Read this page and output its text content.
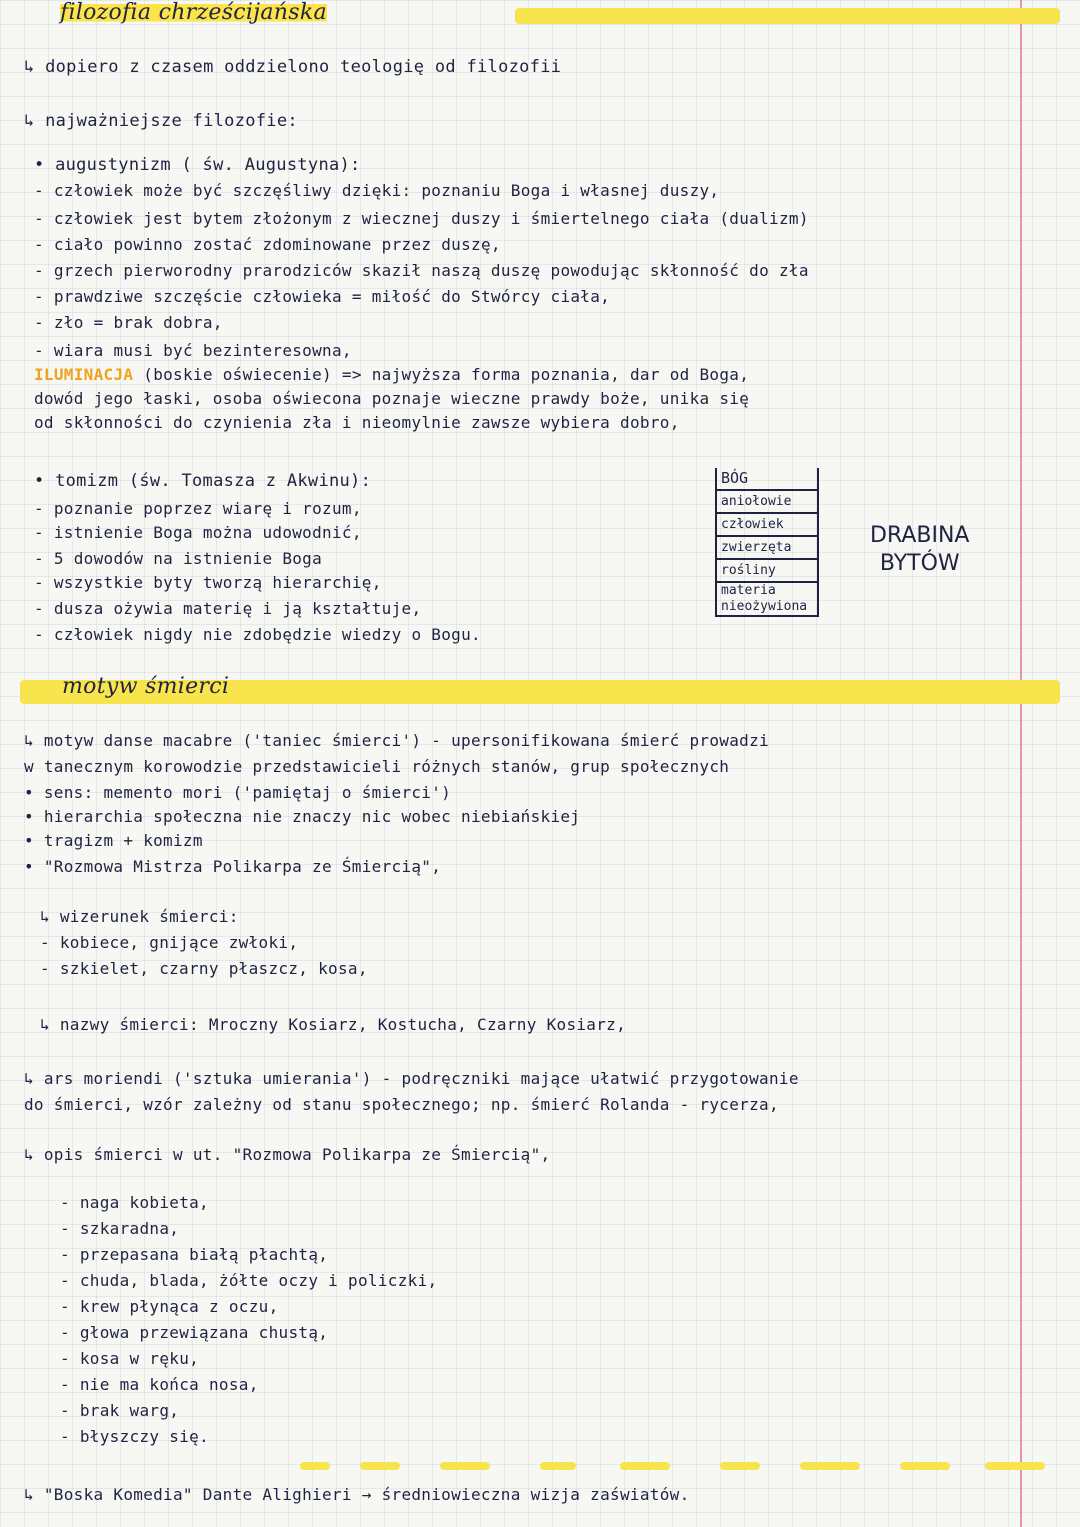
filozofia chrześcijańska
↳ dopiero z czasem oddzielono teologię od filozofii
↳ najważniejsze filozofie:
• augustynizm ( św. Augustyna):
- człowiek może być szczęśliwy dzięki: poznaniu Boga i własnej duszy,
- człowiek jest bytem złożonym z wiecznej duszy i śmiertelnego ciała (dualizm)
- ciało powinno zostać zdominowane przez duszę,
- grzech pierworodny prarodziców skaził naszą duszę powodując skłonność do zła
- prawdziwe szczęście człowieka = miłość do Stwórcy ciała,
- zło = brak dobra,
- wiara musi być bezinteresowna,
ILUMINACJA (boskie oświecenie) => najwyższa forma poznania, dar od Boga,
dowód jego łaski, osoba oświecona poznaje wieczne prawdy boże, unika się
od skłonności do czynienia zła i nieomylnie zawsze wybiera dobro,
• tomizm (św. Tomasza z Akwinu):
- poznanie poprzez wiarę i rozum,
- istnienie Boga można udowodnić,
- 5 dowodów na istnienie Boga
- wszystkie byty tworzą hierarchię,
- dusza ożywia materię i ją kształtuje,
- człowiek nigdy nie zdobędzie wiedzy o Bogu.
BÓG
aniołowie
człowiek
zwierzęta
rośliny
materia
nieożywiona
DRABINA
BYTÓW
motyw śmierci
↳ motyw danse macabre ('taniec śmierci') - upersonifikowana śmierć prowadzi
w tanecznym korowodzie przedstawicieli różnych stanów, grup społecznych
• sens: memento mori ('pamiętaj o śmierci')
• hierarchia społeczna nie znaczy nic wobec niebiańskiej
• tragizm + komizm
• "Rozmowa Mistrza Polikarpa ze Śmiercią",
↳ wizerunek śmierci:
- kobiece, gnijące zwłoki,
- szkielet, czarny płaszcz, kosa,
↳ nazwy śmierci: Mroczny Kosiarz, Kostucha, Czarny Kosiarz,
↳ ars moriendi ('sztuka umierania') - podręczniki mające ułatwić przygotowanie
do śmierci, wzór zależny od stanu społecznego; np. śmierć Rolanda - rycerza,
↳ opis śmierci w ut. "Rozmowa Polikarpa ze Śmiercią",
- naga kobieta,
- szkaradna,
- przepasana białą płachtą,
- chuda, blada, żółte oczy i policzki,
- krew płynąca z oczu,
- głowa przewiązana chustą,
- kosa w ręku,
- nie ma końca nosa,
- brak warg,
- błyszczy się.
↳ "Boska Komedia" Dante Alighieri → średniowieczna wizja zaświatów.
